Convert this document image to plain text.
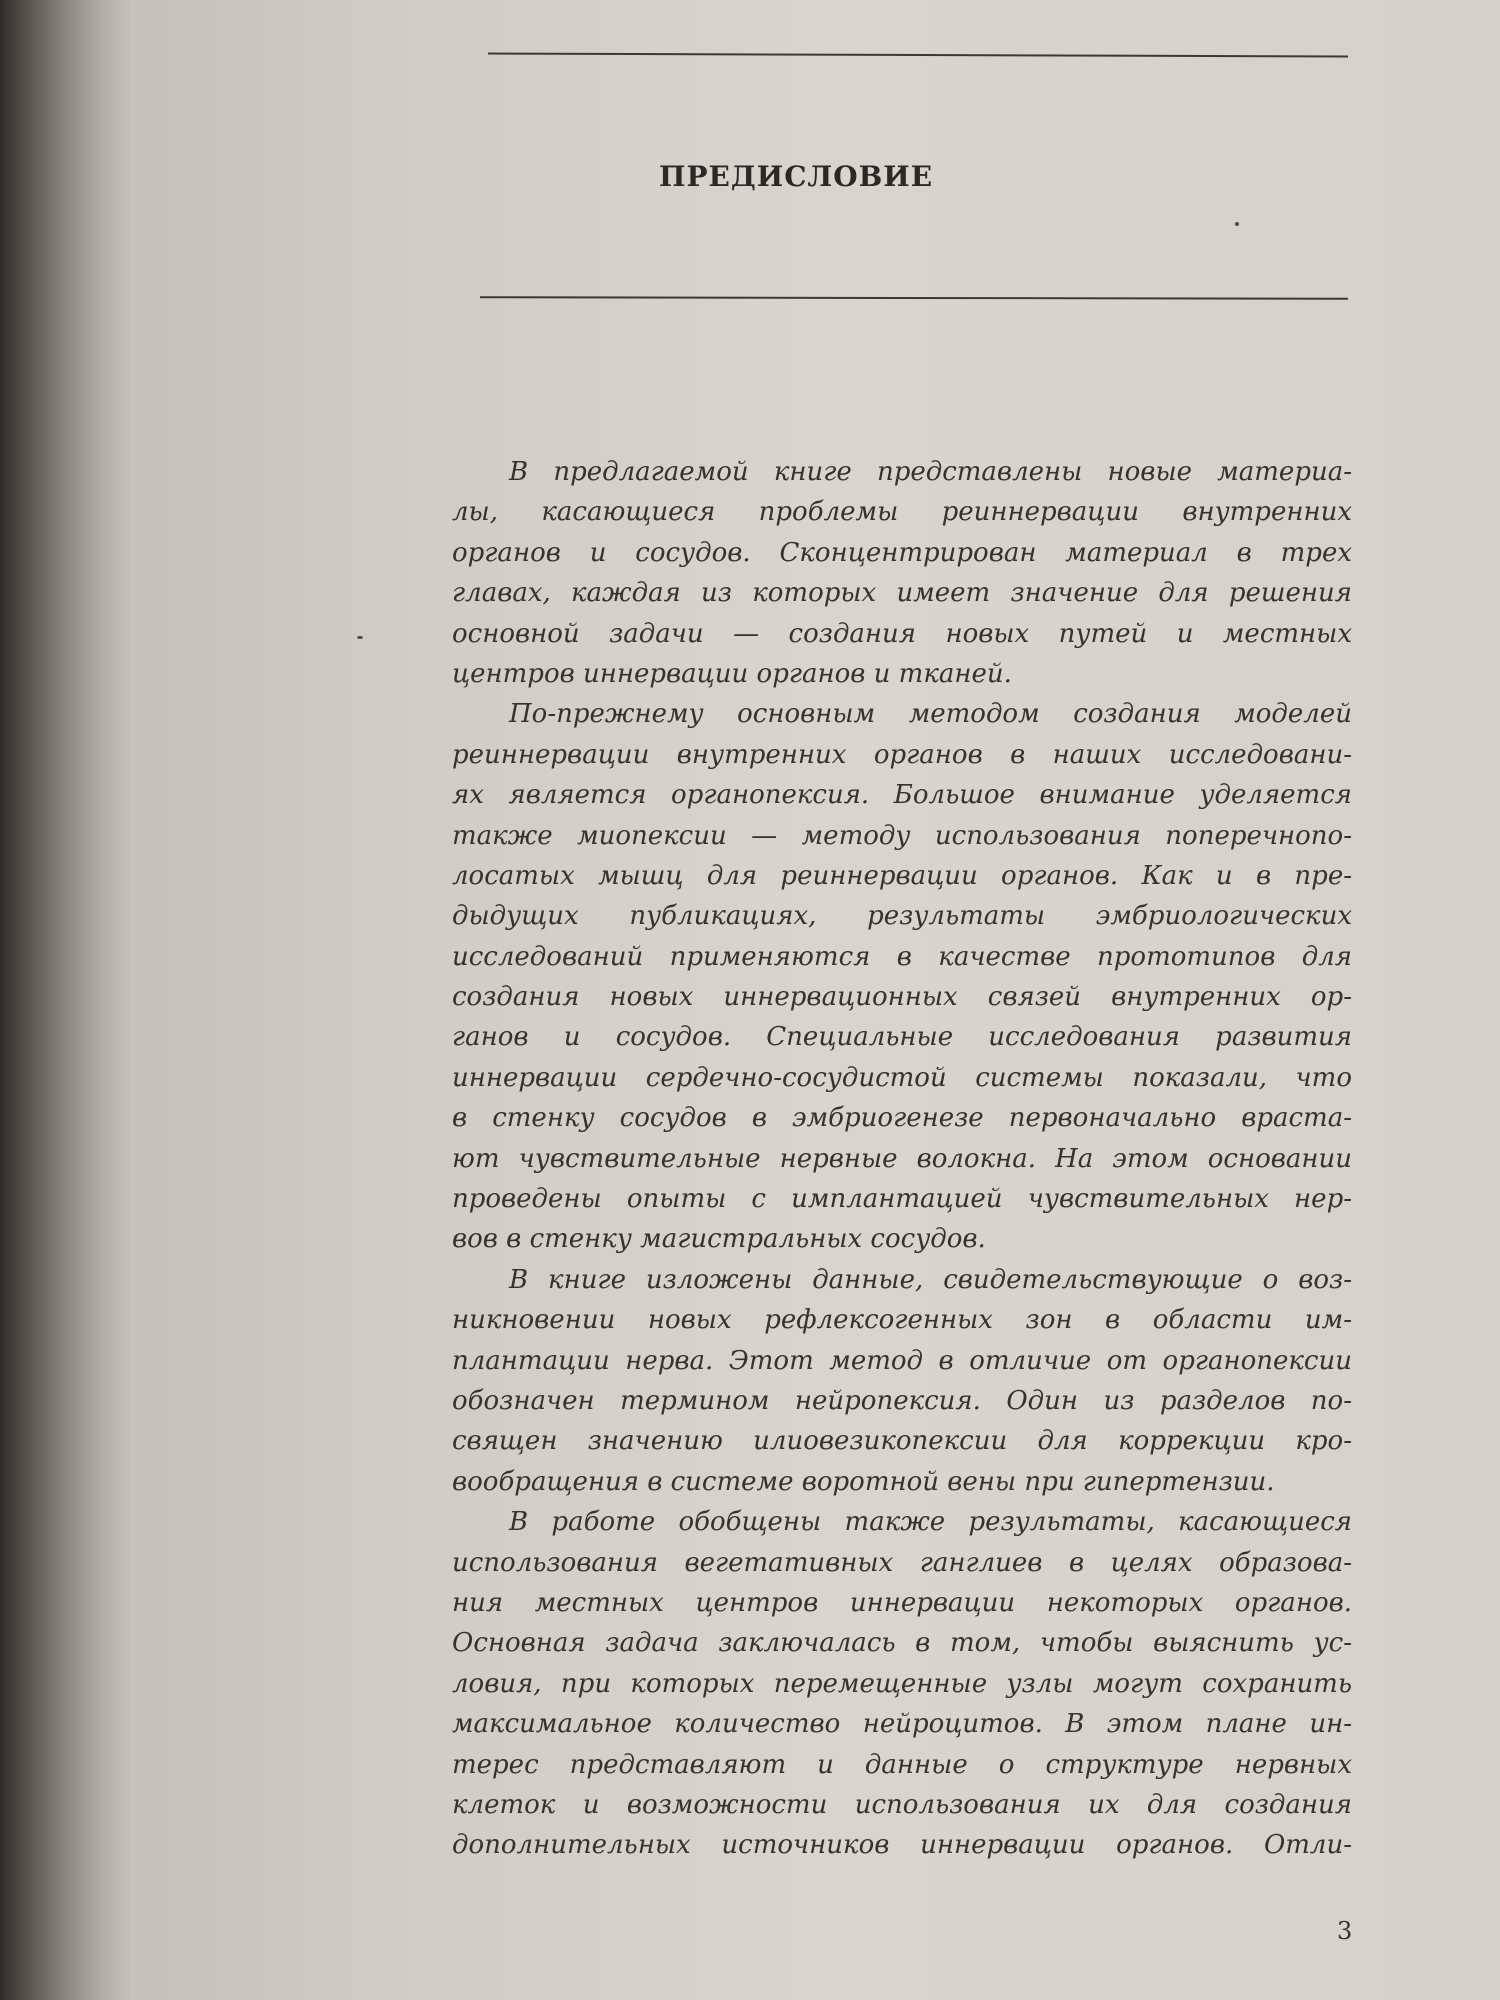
ПРЕДИСЛОВИЕ
В предлагаемой книге представлены новые материа-
лы, касающиеся проблемы реиннервации внутренних
органов и сосудов. Сконцентрирован материал в трех
главах, каждая из которых имеет значение для решения
основной задачи — создания новых путей и местных
центров иннервации органов и тканей.
По-прежнему основным методом создания моделей
реиннервации внутренних органов в наших исследовани-
ях является органопексия. Большое внимание уделяется
также миопексии — методу использования поперечнопо-
лосатых мышц для реиннервации органов. Как и в пре-
дыдущих публикациях, результаты эмбриологических
исследований применяются в качестве прототипов для
создания новых иннервационных связей внутренних ор-
ганов и сосудов. Специальные исследования развития
иннервации сердечно-сосудистой системы показали, что
в стенку сосудов в эмбриогенезе первоначально враста-
ют чувствительные нервные волокна. На этом основании
проведены опыты с имплантацией чувствительных нер-
вов в стенку магистральных сосудов.
В книге изложены данные, свидетельствующие о воз-
никновении новых рефлексогенных зон в области им-
плантации нерва. Этот метод в отличие от органопексии
обозначен термином нейропексия. Один из разделов по-
священ значению илиовезикопексии для коррекции кро-
вообращения в системе воротной вены при гипертензии.
В работе обобщены также результаты, касающиеся
использования вегетативных ганглиев в целях образова-
ния местных центров иннервации некоторых органов.
Основная задача заключалась в том, чтобы выяснить ус-
ловия, при которых перемещенные узлы могут сохранить
максимальное количество нейроцитов. В этом плане ин-
терес представляют и данные о структуре нервных
клеток и возможности использования их для создания
дополнительных источников иннервации органов. Отли-
3
